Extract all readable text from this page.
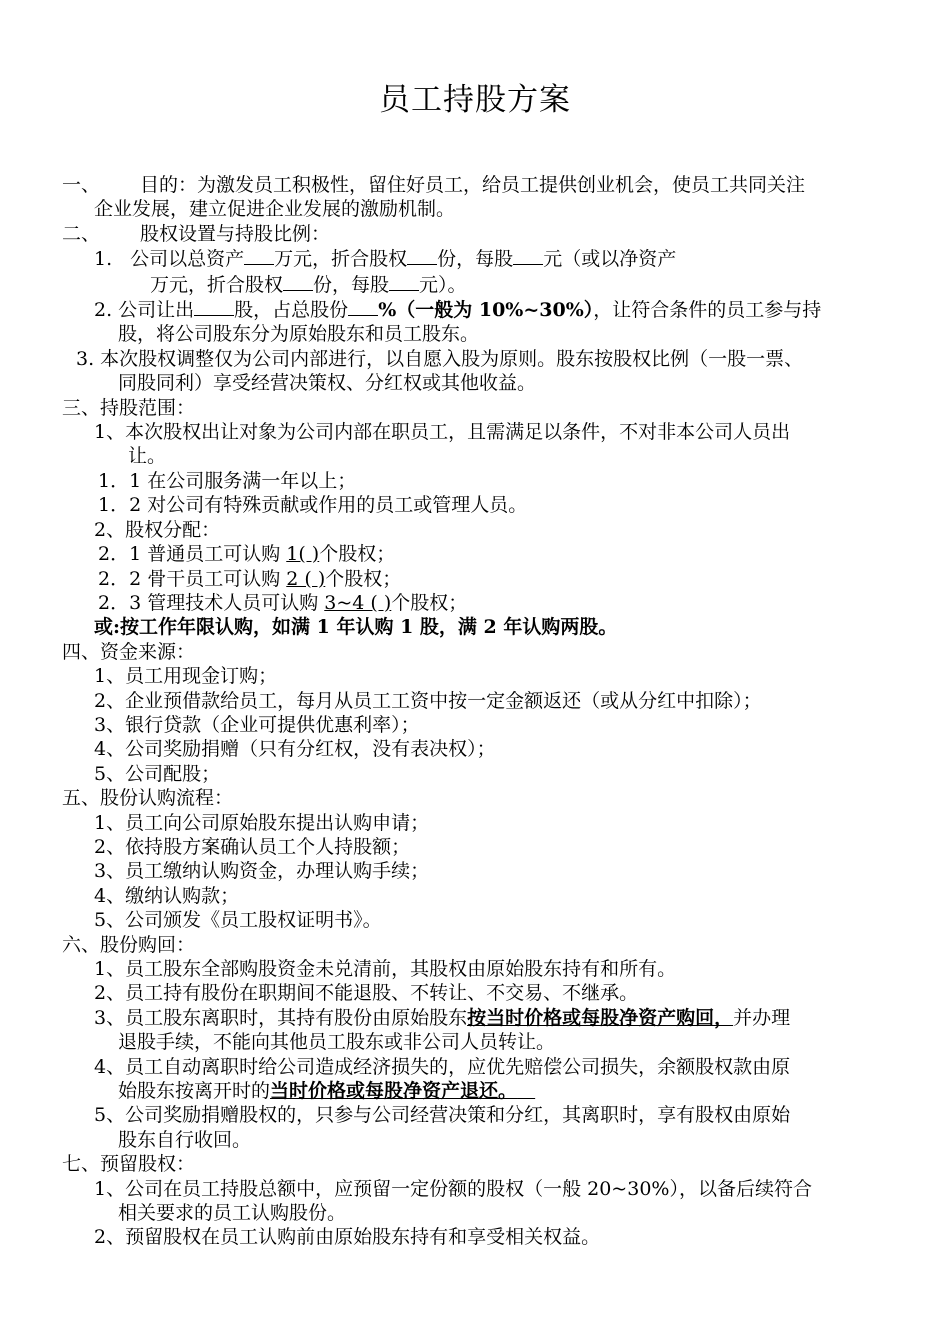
员工持股方案
一、 目的：为激发员工积极性，留住好员工，给员工提供创业机会，使员工共同关注
企业发展，建立促进企业发展的激励机制。
二、 股权设置与持股比例：
1. 公司以总资产 万元，折合股权 份，每股 元（或以净资产
万元，折合股权 份，每股 元）。
2. 公司让出 股，占总股份 %（一般为 10%~30%），让符合条件的员工参与持
股，将公司股东分为原始股东和员工股东。
3. 本次股权调整仅为公司内部进行，以自愿入股为原则。股东按股权比例（一股一票、
同股同利）享受经营决策权、分红权或其他收益。
三、持股范围：
1、本次股权出让对象为公司内部在职员工，且需满足以条件，不对非本公司人员出
让。
1．1 在公司服务满一年以上；
1．2 对公司有特殊贡献或作用的员工或管理人员。
2、股权分配：
2．1 普通员工可认购 1( )个股权；
2．2 骨干员工可认购 2 ( )个股权；
2．3 管理技术人员可认购 3~4 ( )个股权；
或:按工作年限认购，如满 1 年认购 1 股，满 2 年认购两股。
四、资金来源：
1、员工用现金订购；
2、企业预借款给员工，每月从员工工资中按一定金额返还（或从分红中扣除）；
3、银行贷款（企业可提供优惠利率）；
4、公司奖励捐赠（只有分红权，没有表决权）；
5、公司配股；
五、股份认购流程：
1、员工向公司原始股东提出认购申请；
2、依持股方案确认员工个人持股额；
3、员工缴纳认购资金，办理认购手续；
4、缴纳认购款；
5、公司颁发《员工股权证明书》。
六、股份购回：
1、员工股东全部购股资金未兑清前，其股权由原始股东持有和所有。
2、员工持有股份在职期间不能退股、不转让、不交易、不继承。
3、员工股东离职时，其持有股份由原始股东按当时价格或每股净资产购回，并办理
退股手续，不能向其他员工股东或非公司人员转让。
4、员工自动离职时给公司造成经济损失的，应优先赔偿公司损失，余额股权款由原
始股东按离开时的当时价格或每股净资产退还。
5、公司奖励捐赠股权的，只参与公司经营决策和分红，其离职时，享有股权由原始
股东自行收回。
七、预留股权：
1、公司在员工持股总额中，应预留一定份额的股权（一般 20~30%），以备后续符合
相关要求的员工认购股份。
2、预留股权在员工认购前由原始股东持有和享受相关权益。
